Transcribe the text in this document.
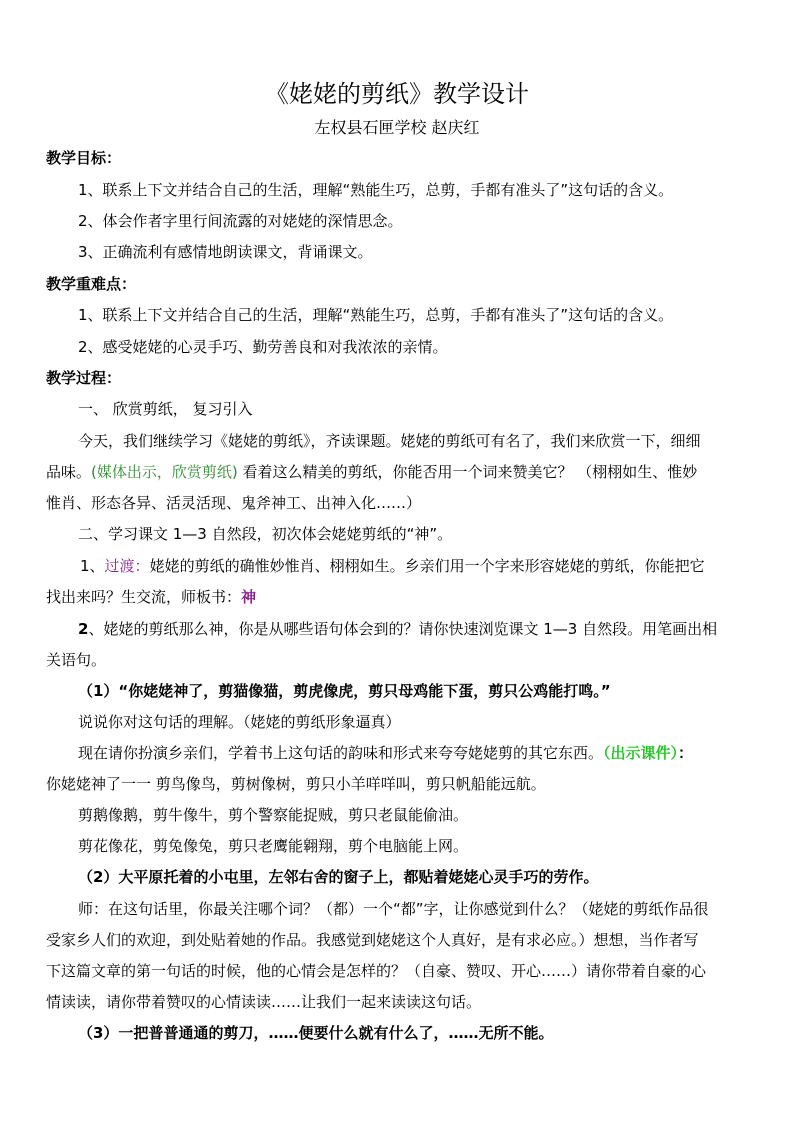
《姥姥的剪纸》教学设计
左权县石匣学校 赵庆红
教学目标：
1、联系上下文并结合自己的生活，理解“熟能生巧，总剪，手都有准头了”这句话的含义。
2、体会作者字里行间流露的对姥姥的深情思念。
3、正确流利有感情地朗读课文，背诵课文。
教学重难点：
1、联系上下文并结合自己的生活，理解“熟能生巧，总剪，手都有准头了”这句话的含义。
2、感受姥姥的心灵手巧、勤劳善良和对我浓浓的亲情。
教学过程：
一、 欣赏剪纸， 复习引入
今天，我们继续学习《姥姥的剪纸》，齐读课题。姥姥的剪纸可有名了，我们来欣赏一下，细细
品味。(媒体出示，欣赏剪纸) 看着这么精美的剪纸，你能否用一个词来赞美它？ （栩栩如生、惟妙
惟肖、形态各异、活灵活现、鬼斧神工、出神入化……）
二、学习课文 1—3 自然段，初次体会姥姥剪纸的“神”。
1、过渡：姥姥的剪纸的确惟妙惟肖、栩栩如生。乡亲们用一个字来形容姥姥的剪纸，你能把它
找出来吗？生交流，师板书：神
2、姥姥的剪纸那么神，你是从哪些语句体会到的？请你快速浏览课文 1—3 自然段。用笔画出相
关语句。
（1）“你姥姥神了，剪猫像猫，剪虎像虎，剪只母鸡能下蛋，剪只公鸡能打鸣。”
说说你对这句话的理解。（姥姥的剪纸形象逼真）
现在请你扮演乡亲们，学着书上这句话的韵味和形式来夸夸姥姥剪的其它东西。（出示课件）：
你姥姥神了一一 剪鸟像鸟，剪树像树，剪只小羊咩咩叫，剪只帆船能远航。
剪鹅像鹅，剪牛像牛，剪个警察能捉贼，剪只老鼠能偷油。
剪花像花，剪兔像兔，剪只老鹰能翱翔，剪个电脑能上网。
（2）大平原托着的小屯里，左邻右舍的窗子上，都贴着姥姥心灵手巧的劳作。
师：在这句话里，你最关注哪个词？（都）一个“都”字，让你感觉到什么？（姥姥的剪纸作品很
受家乡人们的欢迎，到处贴着她的作品。我感觉到姥姥这个人真好，是有求必应。）想想，当作者写
下这篇文章的第一句话的时候，他的心情会是怎样的？（自豪、赞叹、开心……）请你带着自豪的心
情读读，请你带着赞叹的心情读读……让我们一起来读读这句话。
（3）一把普普通通的剪刀，……便要什么就有什么了，……无所不能。
